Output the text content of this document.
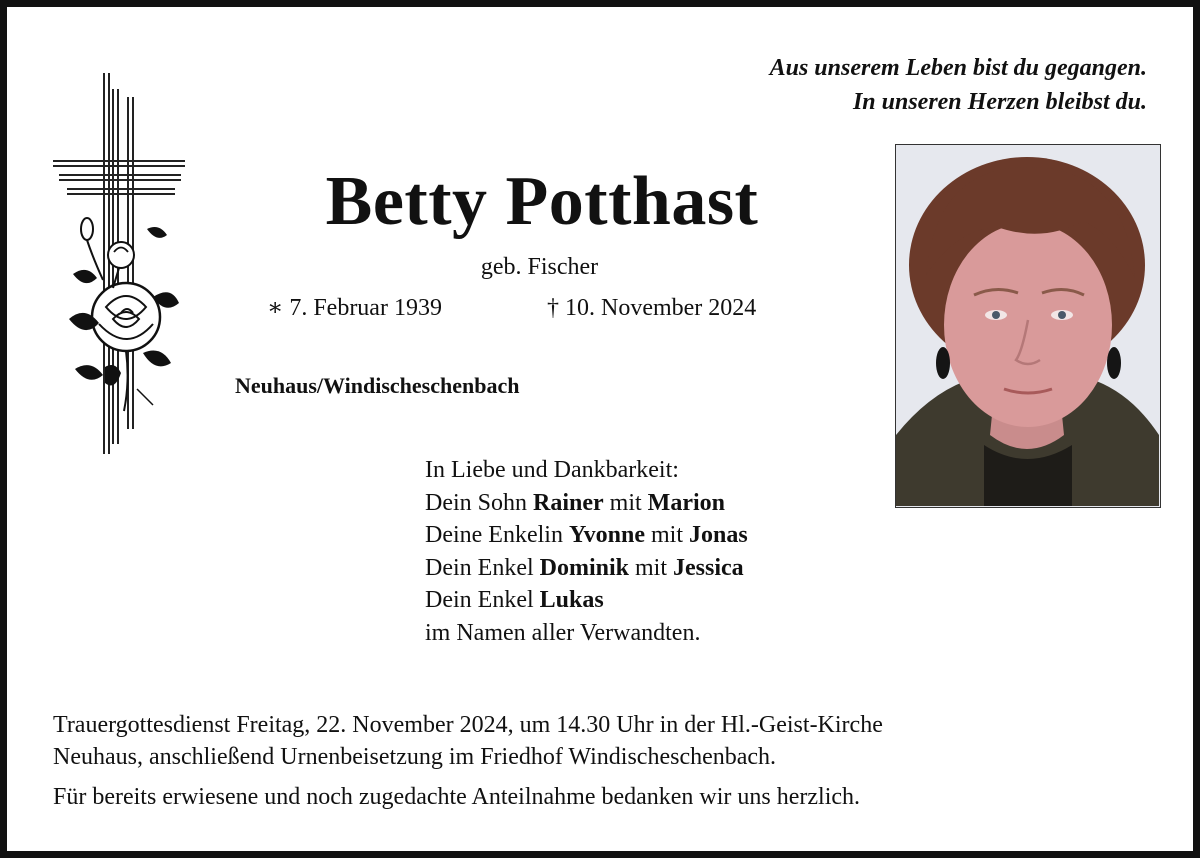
Aus unserem Leben bist du gegangen.
In unseren Herzen bleibst du.
Betty Potthast
geb. Fischer
∗ 7. Februar 1939	† 10. November 2024
Neuhaus/Windischeschenbach
In Liebe und Dankbarkeit:
Dein Sohn Rainer mit Marion
Deine Enkelin Yvonne mit Jonas
Dein Enkel Dominik mit Jessica
Dein Enkel Lukas
im Namen aller Verwandten.
Trauergottesdienst Freitag, 22. November 2024, um 14.30 Uhr in der Hl.-Geist-Kirche
Neuhaus, anschließend Urnenbeisetzung im Friedhof Windischeschenbach.
Für bereits erwiesene und noch zugedachte Anteilnahme bedanken wir uns herzlich.
